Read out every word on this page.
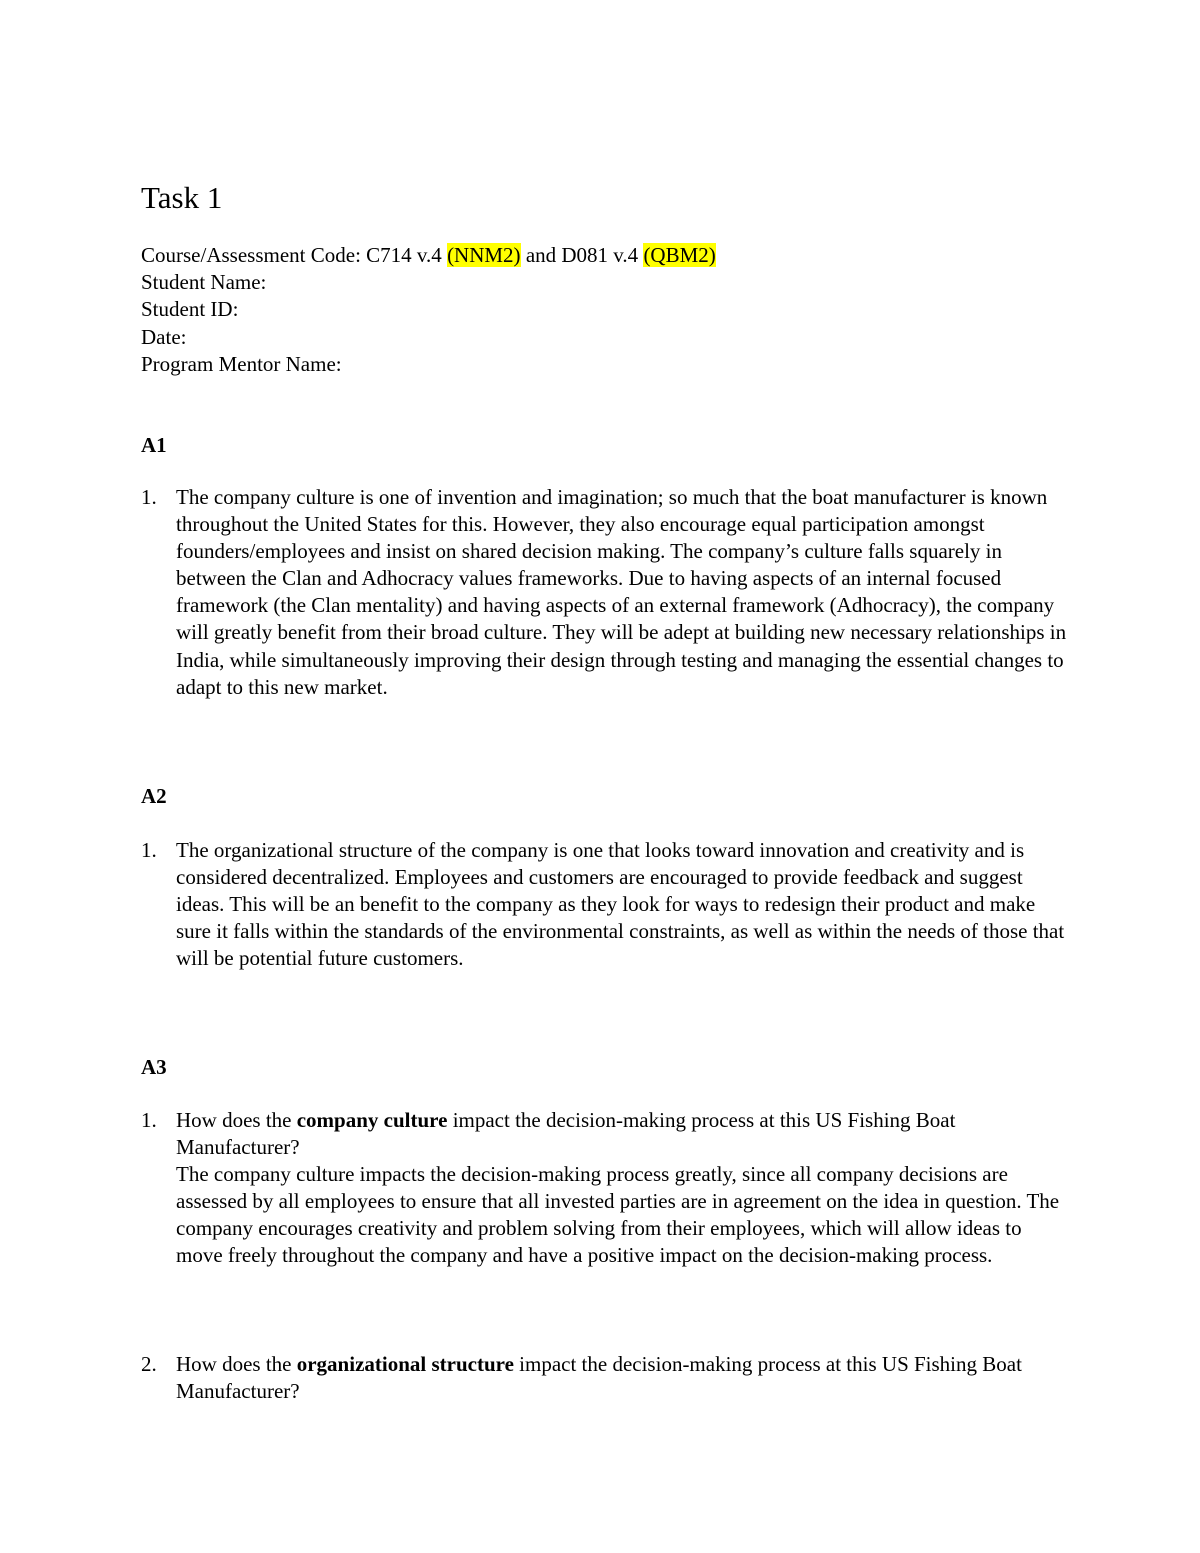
Task 1
Course/Assessment Code: C714 v.4 (NNM2) and D081 v.4 (QBM2)
Student Name:
Student ID:
Date:
Program Mentor Name:
A1
1. The company culture is one of invention and imagination; so much that the boat manufacturer is known throughout the United States for this. However, they also encourage equal participation amongst founders/employees and insist on shared decision making. The company’s culture falls squarely in between the Clan and Adhocracy values frameworks. Due to having aspects of an internal focused framework (the Clan mentality) and having aspects of an external framework (Adhocracy), the company will greatly benefit from their broad culture. They will be adept at building new necessary relationships in India, while simultaneously improving their design through testing and managing the essential changes to adapt to this new market.

A2
1. The organizational structure of the company is one that looks toward innovation and creativity and is considered decentralized. Employees and customers are encouraged to provide feedback and suggest ideas. This will be an benefit to the company as they look for ways to redesign their product and make sure it falls within the standards of the environmental constraints, as well as within the needs of those that will be potential future customers.

A3
1. How does the company culture impact the decision-making process at this US Fishing Boat Manufacturer?

The company culture impacts the decision-making process greatly, since all company decisions are assessed by all employees to ensure that all invested parties are in agreement on the idea in question. The company encourages creativity and problem solving from their employees, which will allow ideas to move freely throughout the company and have a positive impact on the decision-making process.

2. How does the organizational structure impact the decision-making process at this US Fishing Boat Manufacturer?
